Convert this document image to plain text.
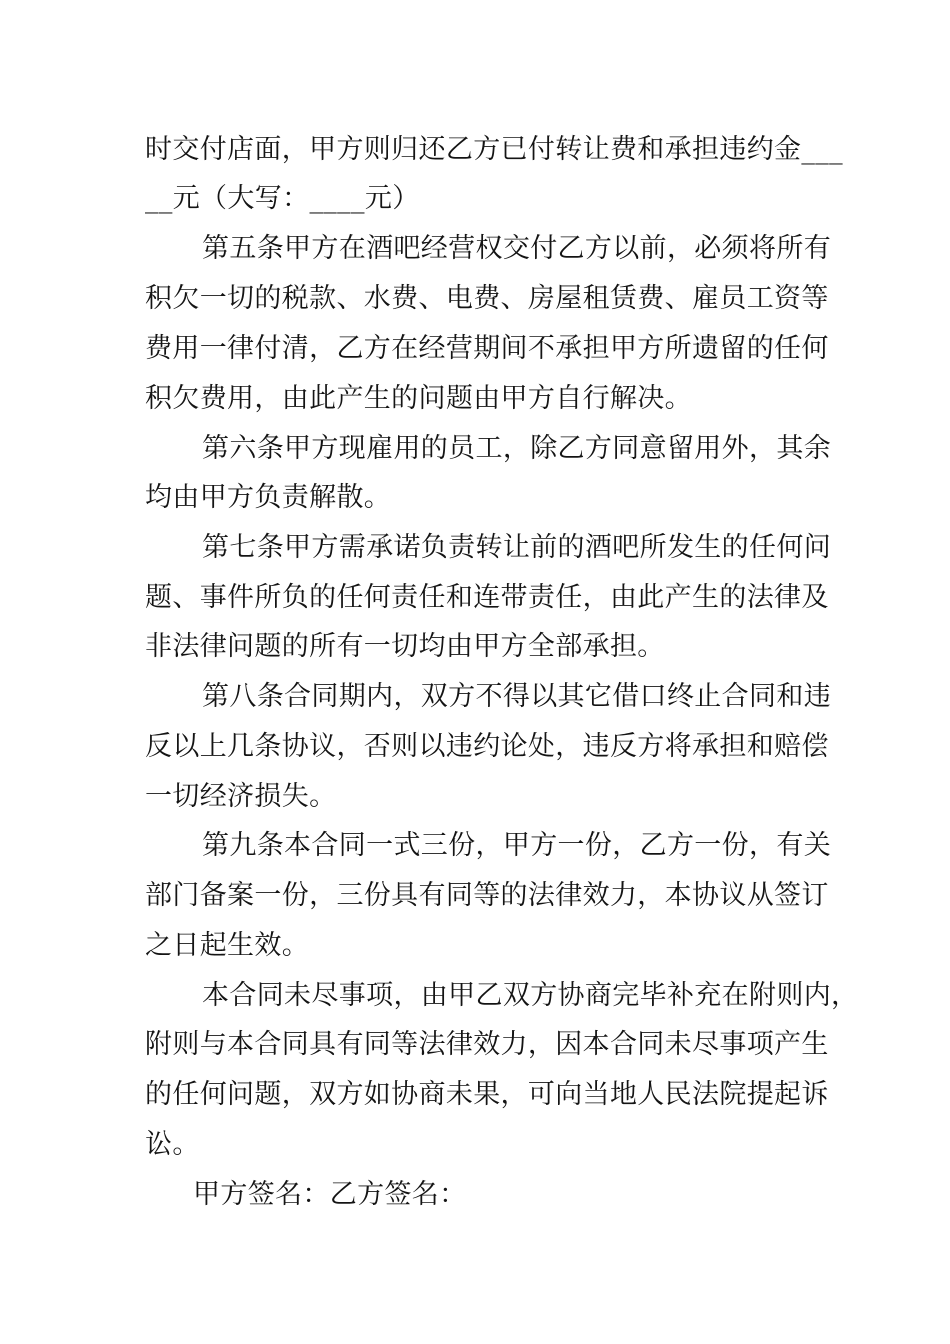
时交付店面，甲方则归还乙方已付转让费和承担违约金___
__元（大写：____元）
第五条甲方在酒吧经营权交付乙方以前，必须将所有
积欠一切的税款、水费、电费、房屋租赁费、雇员工资等
费用一律付清，乙方在经营期间不承担甲方所遗留的任何
积欠费用，由此产生的问题由甲方自行解决。
第六条甲方现雇用的员工，除乙方同意留用外，其余
均由甲方负责解散。
第七条甲方需承诺负责转让前的酒吧所发生的任何问
题、事件所负的任何责任和连带责任，由此产生的法律及
非法律问题的所有一切均由甲方全部承担。
第八条合同期内，双方不得以其它借口终止合同和违
反以上几条协议，否则以违约论处，违反方将承担和赔偿
一切经济损失。
第九条本合同一式三份，甲方一份，乙方一份，有关
部门备案一份，三份具有同等的法律效力，本协议从签订
之日起生效。
本合同未尽事项，由甲乙双方协商完毕补充在附则内，
附则与本合同具有同等法律效力，因本合同未尽事项产生
的任何问题，双方如协商未果，可向当地人民法院提起诉
讼。
甲方签名：乙方签名：
